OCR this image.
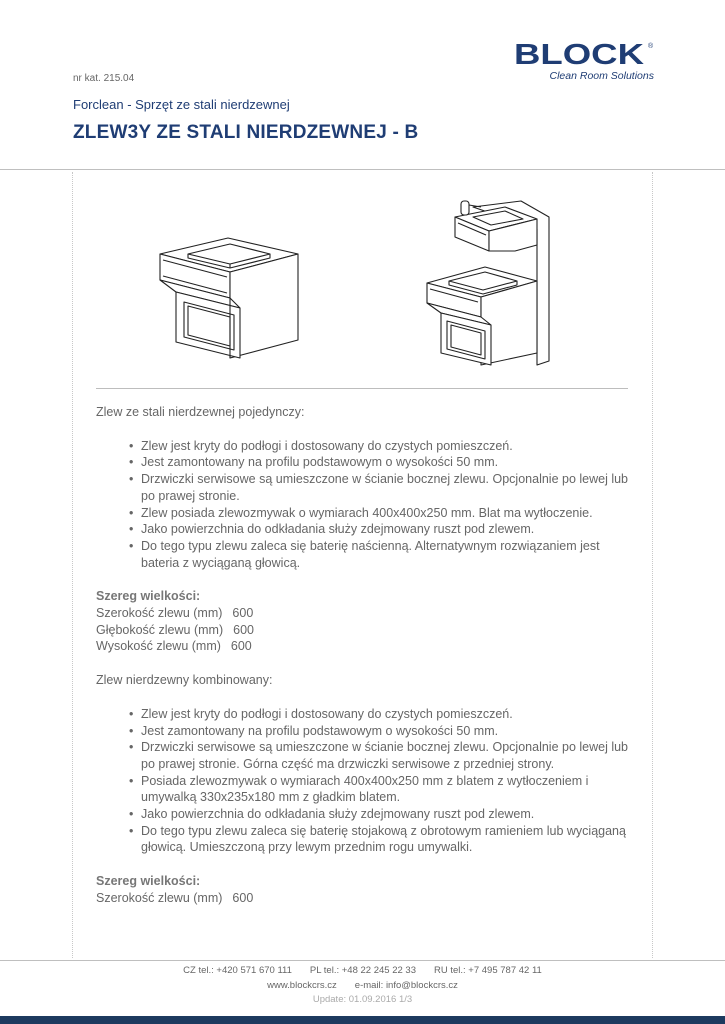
nr kat. 215.04
BLOCK ®
Clean Room Solutions
Forclean - Sprzęt ze stali nierdzewnej
ZLEW3Y ZE STALI NIERDZEWNEJ - B

Zlew ze stali nierdzewnej pojedynczy:

• Zlew jest kryty do podłogi i dostosowany do czystych pomieszczeń.
• Jest zamontowany na profilu podstawowym o wysokości 50 mm.
• Drzwiczki serwisowe są umieszczone w ścianie bocznej zlewu. Opcjonalnie po lewej lub po prawej stronie.
• Zlew posiada zlewozmywak o wymiarach 400x400x250 mm. Blat ma wytłoczenie.
• Jako powierzchnia do odkładania służy zdejmowany ruszt pod zlewem.
• Do tego typu zlewu zaleca się baterię naścienną. Alternatywnym rozwiązaniem jest bateria z wyciąganą głowicą.

Szereg wielkości:

Szerokość zlewu (mm) 600

Głębokość zlewu (mm) 600

Wysokość zlewu (mm) 600

Zlew nierdzewny kombinowany:

• Zlew jest kryty do podłogi i dostosowany do czystych pomieszczeń.
• Jest zamontowany na profilu podstawowym o wysokości 50 mm.
• Drzwiczki serwisowe są umieszczone w ścianie bocznej zlewu. Opcjonalnie po lewej lub po prawej stronie. Górna część ma drzwiczki serwisowe z przedniej strony.
• Posiada zlewozmywak o wymiarach 400x400x250 mm z blatem z wytłoczeniem i umywalką 330x235x180 mm z gładkim blatem.
• Jako powierzchnia do odkładania służy zdejmowany ruszt pod zlewem.
• Do tego typu zlewu zaleca się baterię stojakową z obrotowym ramieniem lub wyciąganą głowicą. Umieszczoną przy lewym przednim rogu umywalki.

Szereg wielkości:

Szerokość zlewu (mm) 600

CZ tel.: +420 571 670 111 PL tel.: +48 22 245 22 33 RU tel.: +7 495 787 42 11
www.blockcrs.cz e-mail: info@blockcrs.cz
Update: 01.09.2016 1/3
